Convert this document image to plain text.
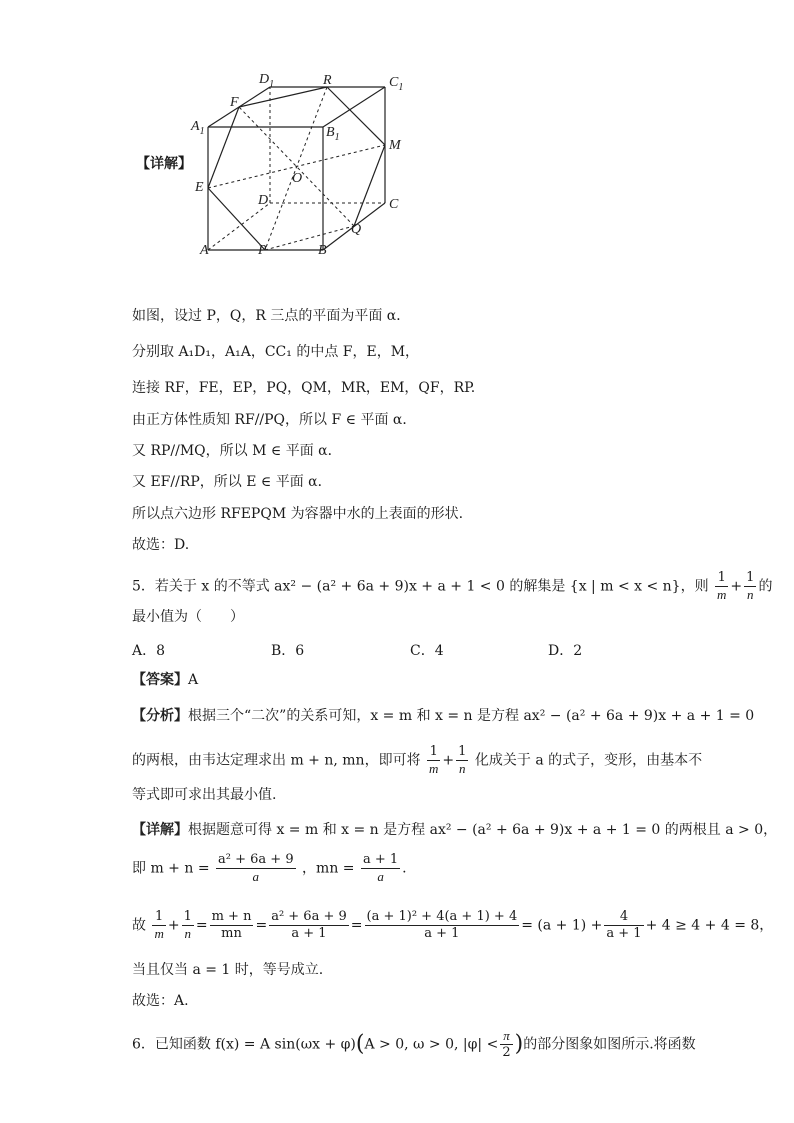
$D_1$	R	$C_1$
F
$A_1$	$B_1$
M
E
O
D	C
Q
A	P	B
【详解】
如图，设过 P，Q，R 三点的平面为平面 α．
分别取 A₁D₁，A₁A，CC₁ 的中点 F，E，M，
连接 RF，FE，EP，PQ，QM，MR，EM，QF，RP.
由正方体性质知 RF//PQ，所以 F ∈ 平面 α．
又 RP//MQ，所以 M ∈ 平面 α．
又 EF//RP，所以 E ∈ 平面 α．
所以点六边形 RFEPQM 为容器中水的上表面的形状.
故选：D.
5．若关于 x 的不等式 ax² − (a² + 6a + 9)x + a + 1 < 0 的解集是 {x | m < x < n}，则 $\frac{1}{m} + \frac{1}{n}$ 的
最小值为（　　）
A．8	B．6	C．4	D．2
【答案】A
【分析】根据三个“二次”的关系可知，x = m 和 x = n 是方程 ax² − (a² + 6a + 9)x + a + 1 = 0
的两根，由韦达定理求出 m + n, mn，即可将 $\frac{1}{m} + \frac{1}{n}$ 化成关于 a 的式子，变形，由基本不
等式即可求出其最小值.
【详解】根据题意可得 x = m 和 x = n 是方程 ax² − (a² + 6a + 9)x + a + 1 = 0 的两根且 a > 0，
即 $m + n = \frac{\text{a² + 6a + 9}}{a}$ ，mn = $\frac{a + 1}{a}$ .
故 $\frac{1}{m} + \frac{1}{n} = \frac{m + n}{mn} = \frac{\text{a² + 6a + 9}}{a + 1} = \frac{\text{(a + 1)² + 4(a + 1) + 4}}{a + 1} = (a + 1) + \frac{4}{a + 1} + 4 \ge 4 + 4 = 8$，
当且仅当 a = 1 时，等号成立.
故选：A.
6．已知函数 f(x) = A sin(ωx + φ)(A > 0, ω > 0, $|\varphi| < \frac{\pi}{2}$ )的部分图象如图所示.将函数
